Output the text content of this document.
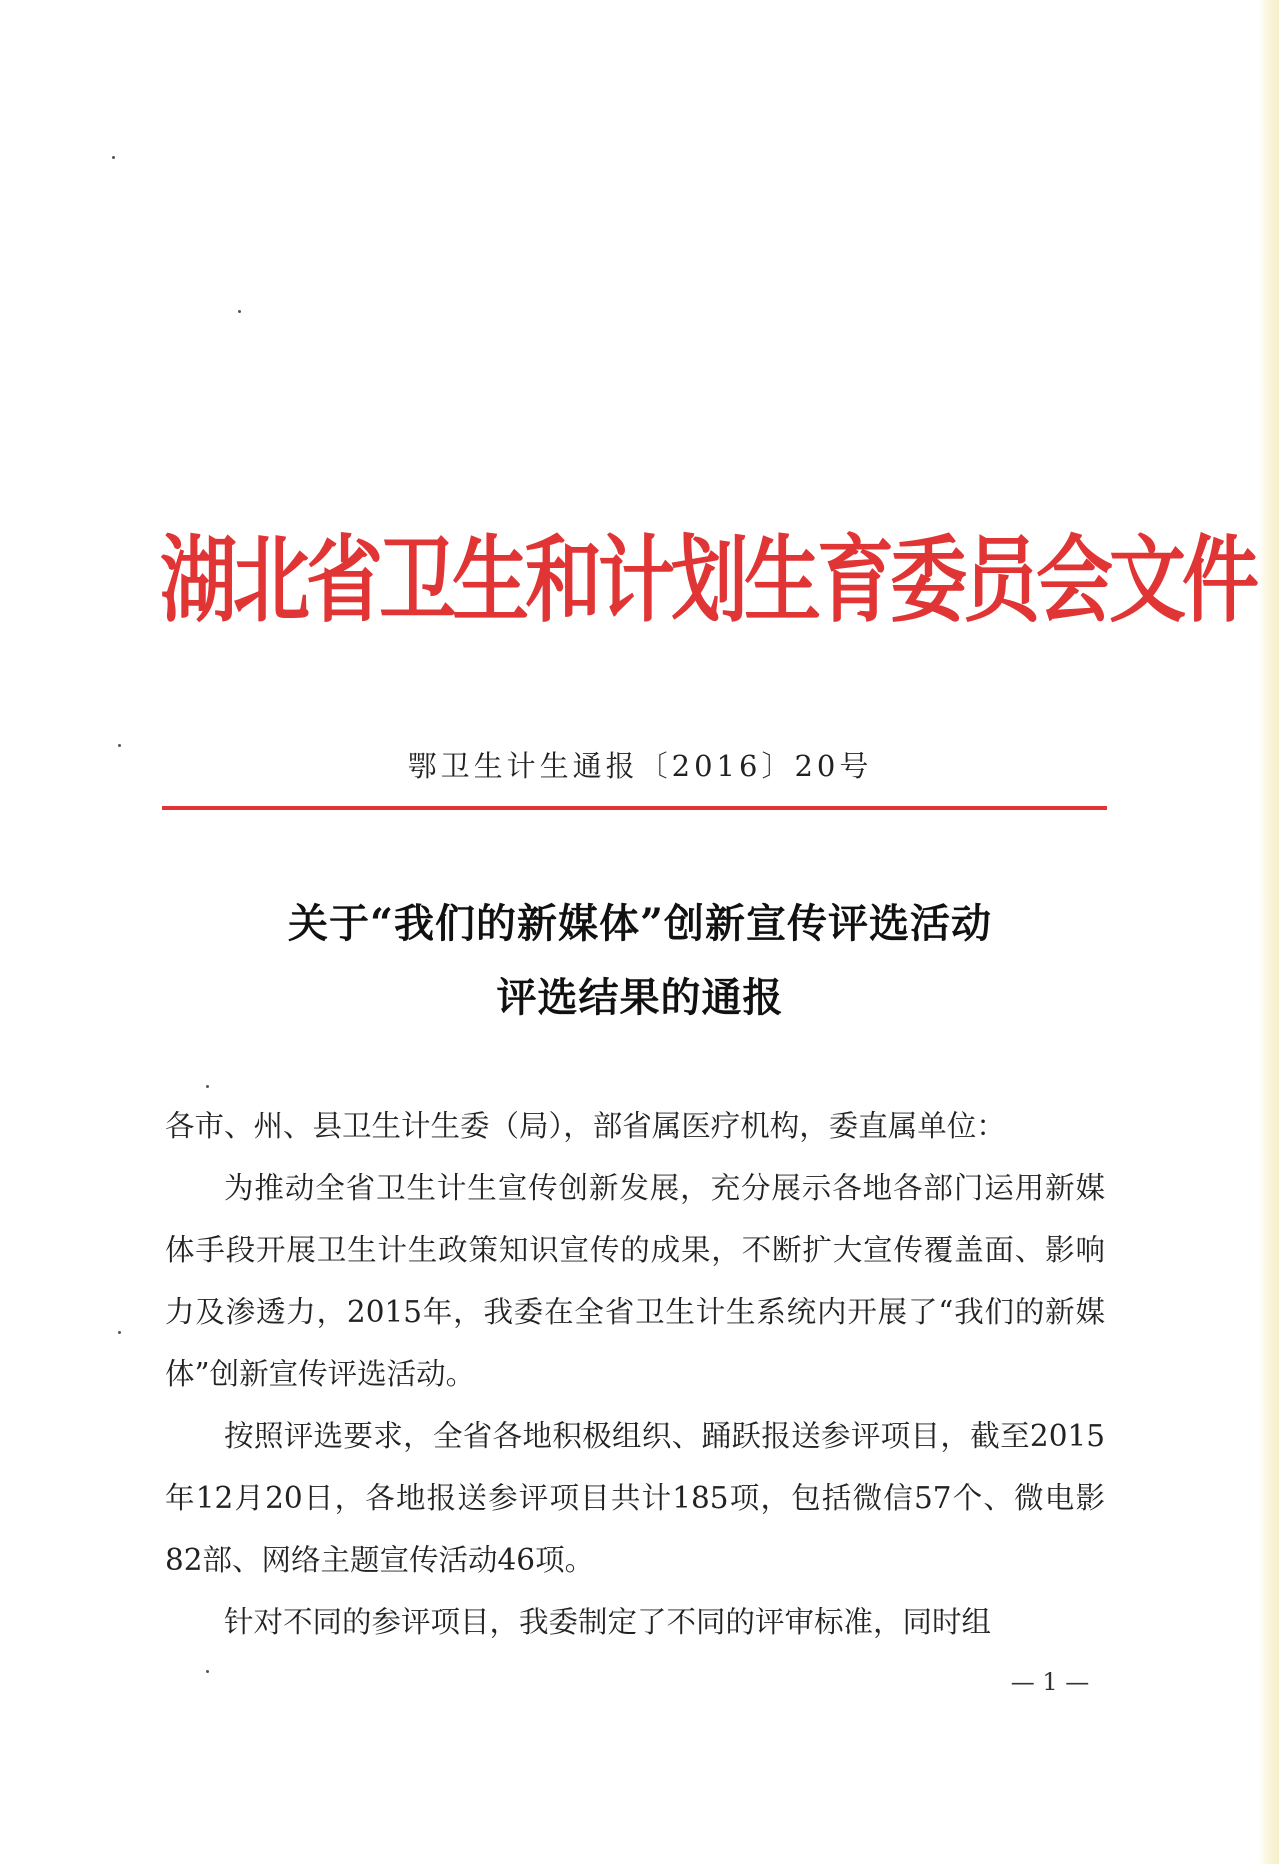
湖北省卫生和计划生育委员会文件
鄂卫生计生通报〔2016〕20号
关于“我们的新媒体”创新宣传评选活动
评选结果的通报

各市、州、县卫生计生委（局），部省属医疗机构，委直属单位：

为推动全省卫生计生宣传创新发展，充分展示各地各部门运用新媒体手段开展卫生计生政策知识宣传的成果，不断扩大宣传覆盖面、影响力及渗透力，2015年，我委在全省卫生计生系统内开展了“我们的新媒体”创新宣传评选活动。

按照评选要求，全省各地积极组织、踊跃报送参评项目，截至2015年12月20日，各地报送参评项目共计185项，包括微信57个、微电影82部、网络主题宣传活动46项。

针对不同的参评项目，我委制定了不同的评审标准，同时组

— 1 —
